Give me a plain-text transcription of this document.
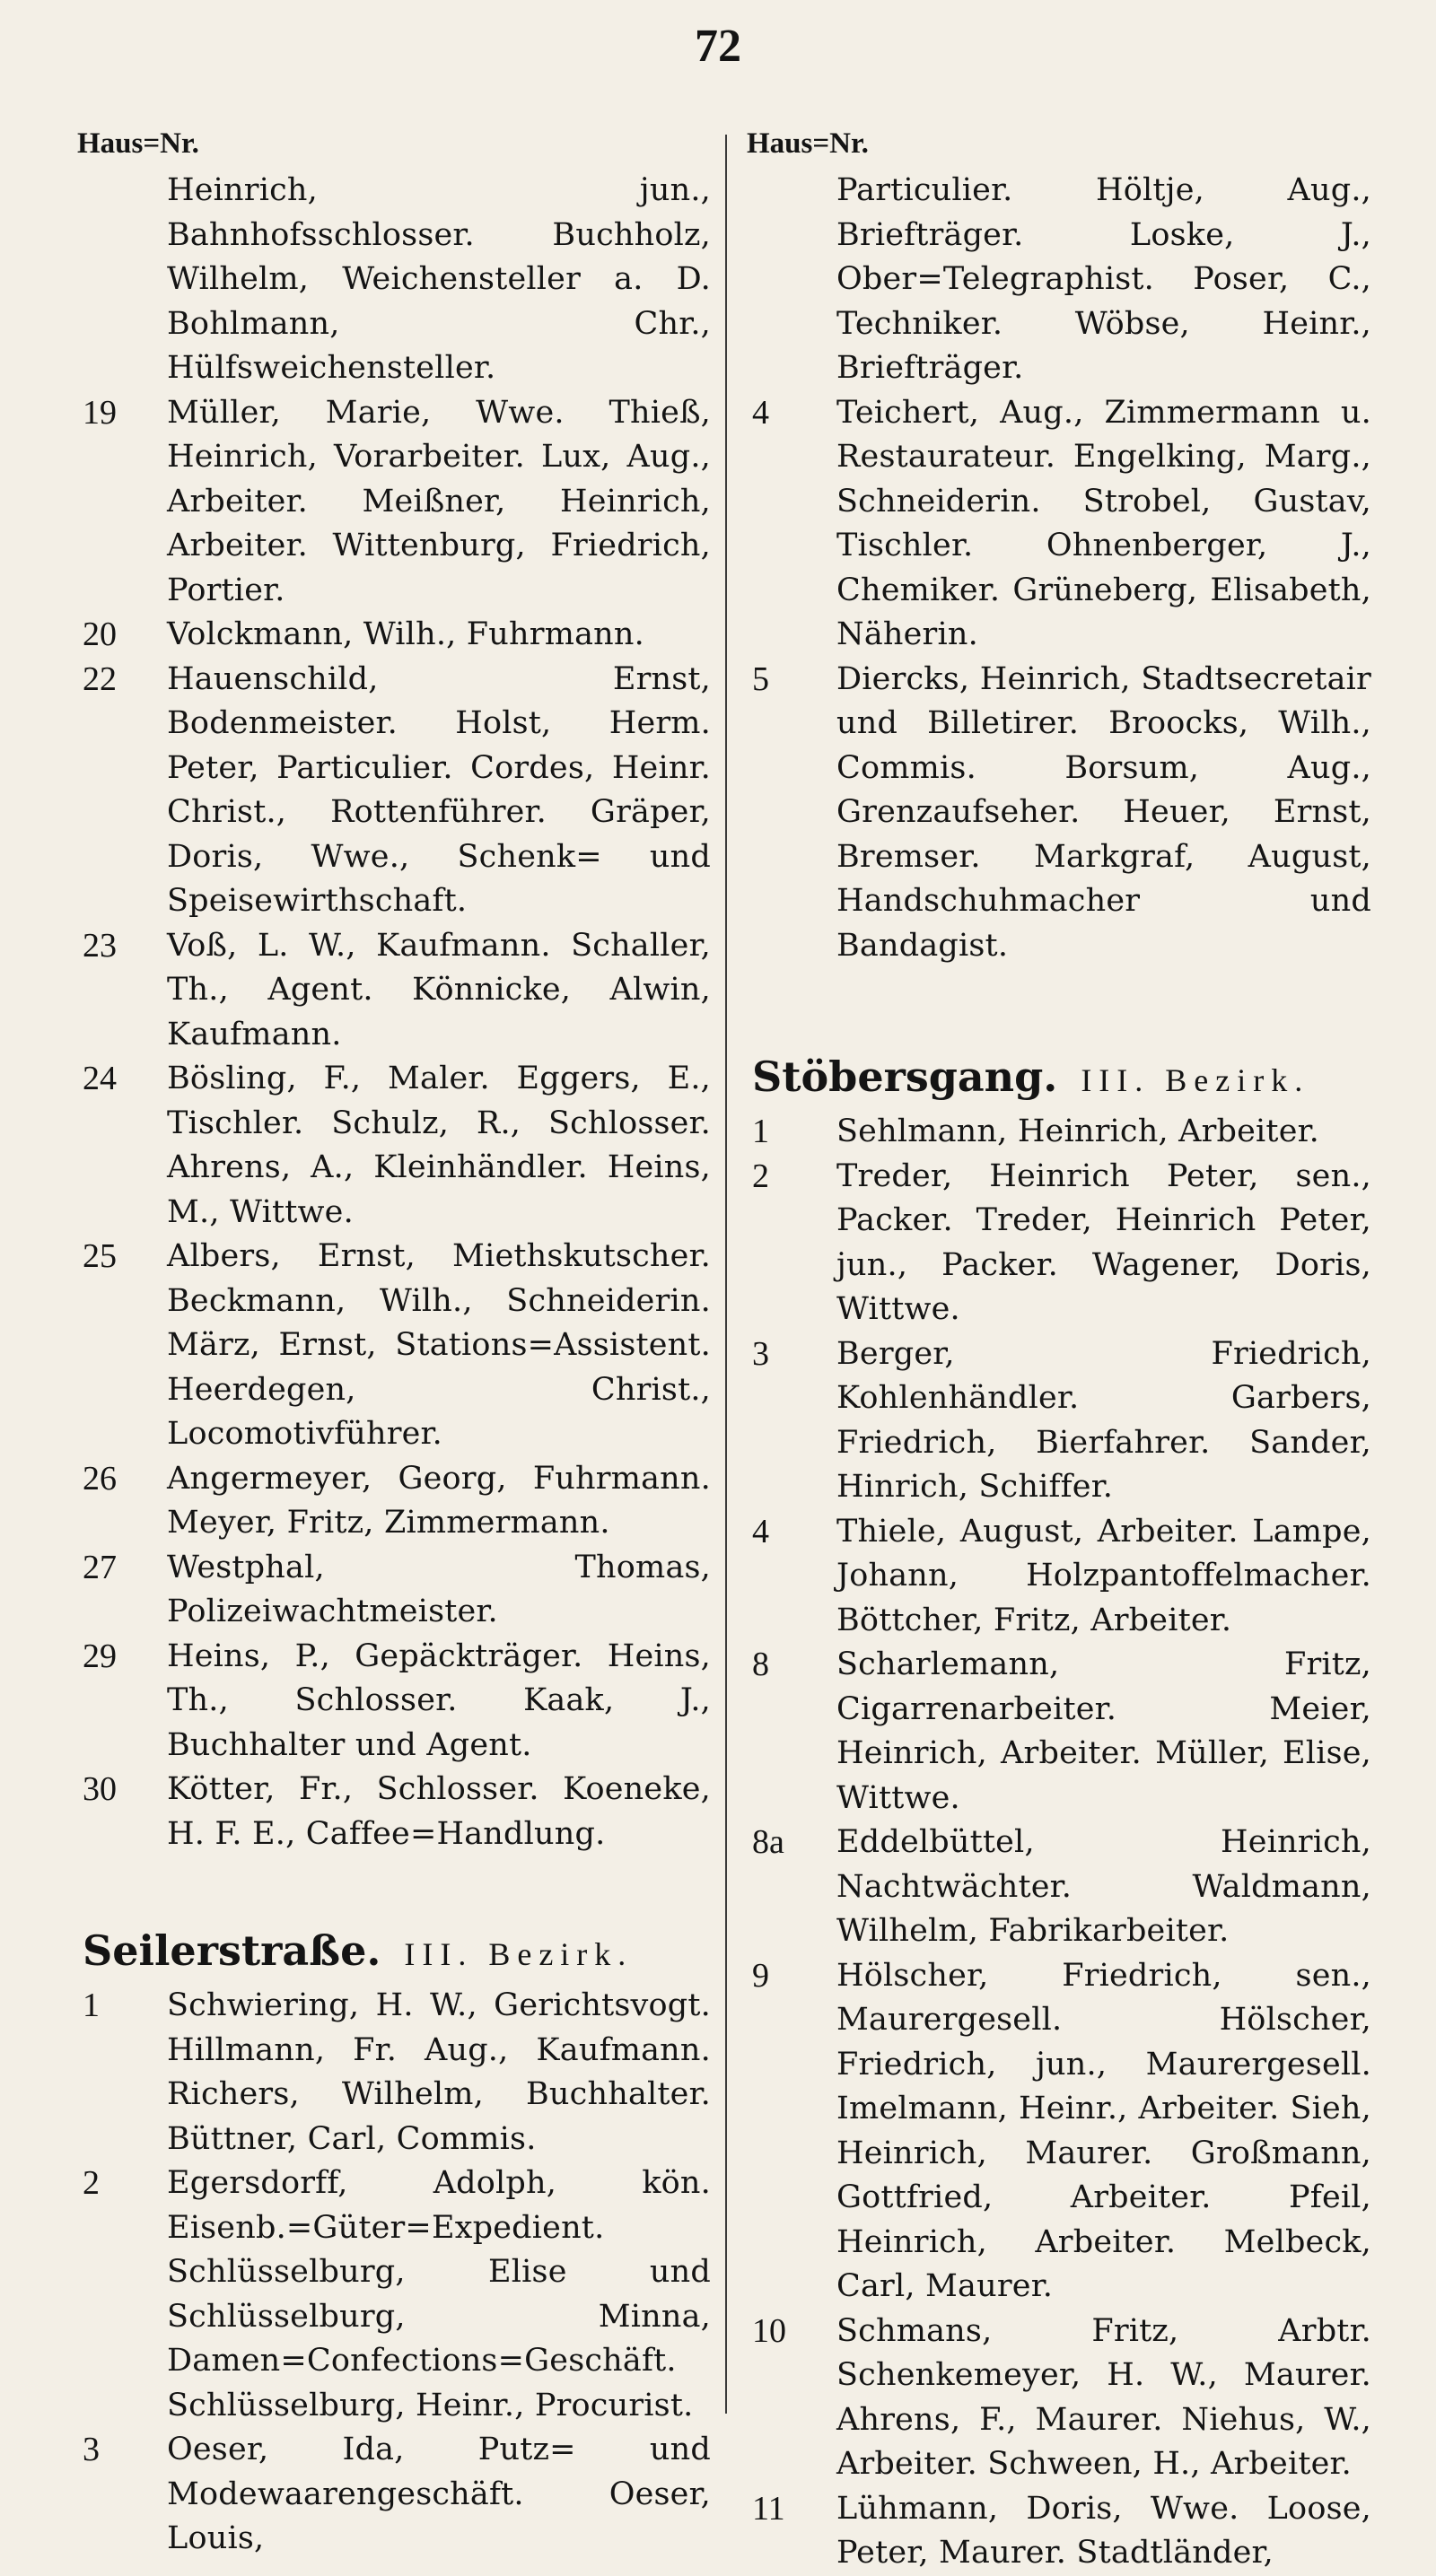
72
Haus=Nr.
Heinrich, jun., Bahnhofsschlosser. Buchholz, Wilhelm, Weichensteller a. D. Bohlmann, Chr., Hülfsweichensteller.
19	Müller, Marie, Wwe. Thieß, Heinrich, Vorarbeiter. Lux, Aug., Arbeiter. Meißner, Heinrich, Arbeiter. Wittenburg, Friedrich, Portier.
20	Volckmann, Wilh., Fuhrmann.
22	Hauenschild, Ernst, Bodenmeister. Holst, Herm. Peter, Particulier. Cordes, Heinr. Christ., Rottenführer. Gräper, Doris, Wwe., Schenk= und Speisewirthschaft.
23	Voß, L. W., Kaufmann. Schaller, Th., Agent. Könnicke, Alwin, Kaufmann.
24	Bösling, F., Maler. Eggers, E., Tischler. Schulz, R., Schlosser. Ahrens, A., Kleinhändler. Heins, M., Wittwe.
25	Albers, Ernst, Miethskutscher. Beckmann, Wilh., Schneiderin. März, Ernst, Stations=Assistent. Heerdegen, Christ., Locomotivführer.
26	Angermeyer, Georg, Fuhrmann. Meyer, Fritz, Zimmermann.
27	Westphal, Thomas, Polizeiwachtmeister.
29	Heins, P., Gepäckträger. Heins, Th., Schlosser. Kaak, J., Buchhalter und Agent.
30	Kötter, Fr., Schlosser. Koeneke, H. F. E., Caffee=Handlung.
Seilerstraße. III. Bezirk.
1	Schwiering, H. W., Gerichtsvogt. Hillmann, Fr. Aug., Kaufmann. Richers, Wilhelm, Buchhalter. Büttner, Carl, Commis.
2	Egersdorff, Adolph, kön. Eisenb.=Güter=Expedient. Schlüsselburg, Elise und Schlüsselburg, Minna, Damen=Confections=Geschäft. Schlüsselburg, Heinr., Procurist.
3	Oeser, Ida, Putz= und Modewaarengeschäft. Oeser, Louis,
Haus=Nr.
Particulier. Höltje, Aug., Briefträger. Loske, J., Ober=Telegraphist. Poser, C., Techniker. Wöbse, Heinr., Briefträger.
4	Teichert, Aug., Zimmermann u. Restaurateur. Engelking, Marg., Schneiderin. Strobel, Gustav, Tischler. Ohnenberger, J., Chemiker. Grüneberg, Elisabeth, Näherin.
5	Diercks, Heinrich, Stadtsecretair und Billetirer. Broocks, Wilh., Commis. Borsum, Aug., Grenzaufseher. Heuer, Ernst, Bremser. Markgraf, August, Handschuhmacher und Bandagist.
Stöbersgang. III. Bezirk.
1	Sehlmann, Heinrich, Arbeiter.
2	Treder, Heinrich Peter, sen., Packer. Treder, Heinrich Peter, jun., Packer. Wagener, Doris, Wittwe.
3	Berger, Friedrich, Kohlenhändler. Garbers, Friedrich, Bierfahrer. Sander, Hinrich, Schiffer.
4	Thiele, August, Arbeiter. Lampe, Johann, Holzpantoffelmacher. Böttcher, Fritz, Arbeiter.
8	Scharlemann, Fritz, Cigarrenarbeiter. Meier, Heinrich, Arbeiter. Müller, Elise, Wittwe.
8a	Eddelbüttel, Heinrich, Nachtwächter. Waldmann, Wilhelm, Fabrikarbeiter.
9	Hölscher, Friedrich, sen., Maurergesell. Hölscher, Friedrich, jun., Maurergesell. Imelmann, Heinr., Arbeiter. Sieh, Heinrich, Maurer. Großmann, Gottfried, Arbeiter. Pfeil, Heinrich, Arbeiter. Melbeck, Carl, Maurer.
10	Schmans, Fritz, Arbtr. Schenkemeyer, H. W., Maurer. Ahrens, F., Maurer. Niehus, W., Arbeiter. Schween, H., Arbeiter.
11	Lühmann, Doris, Wwe. Loose, Peter, Maurer. Stadtländer,
